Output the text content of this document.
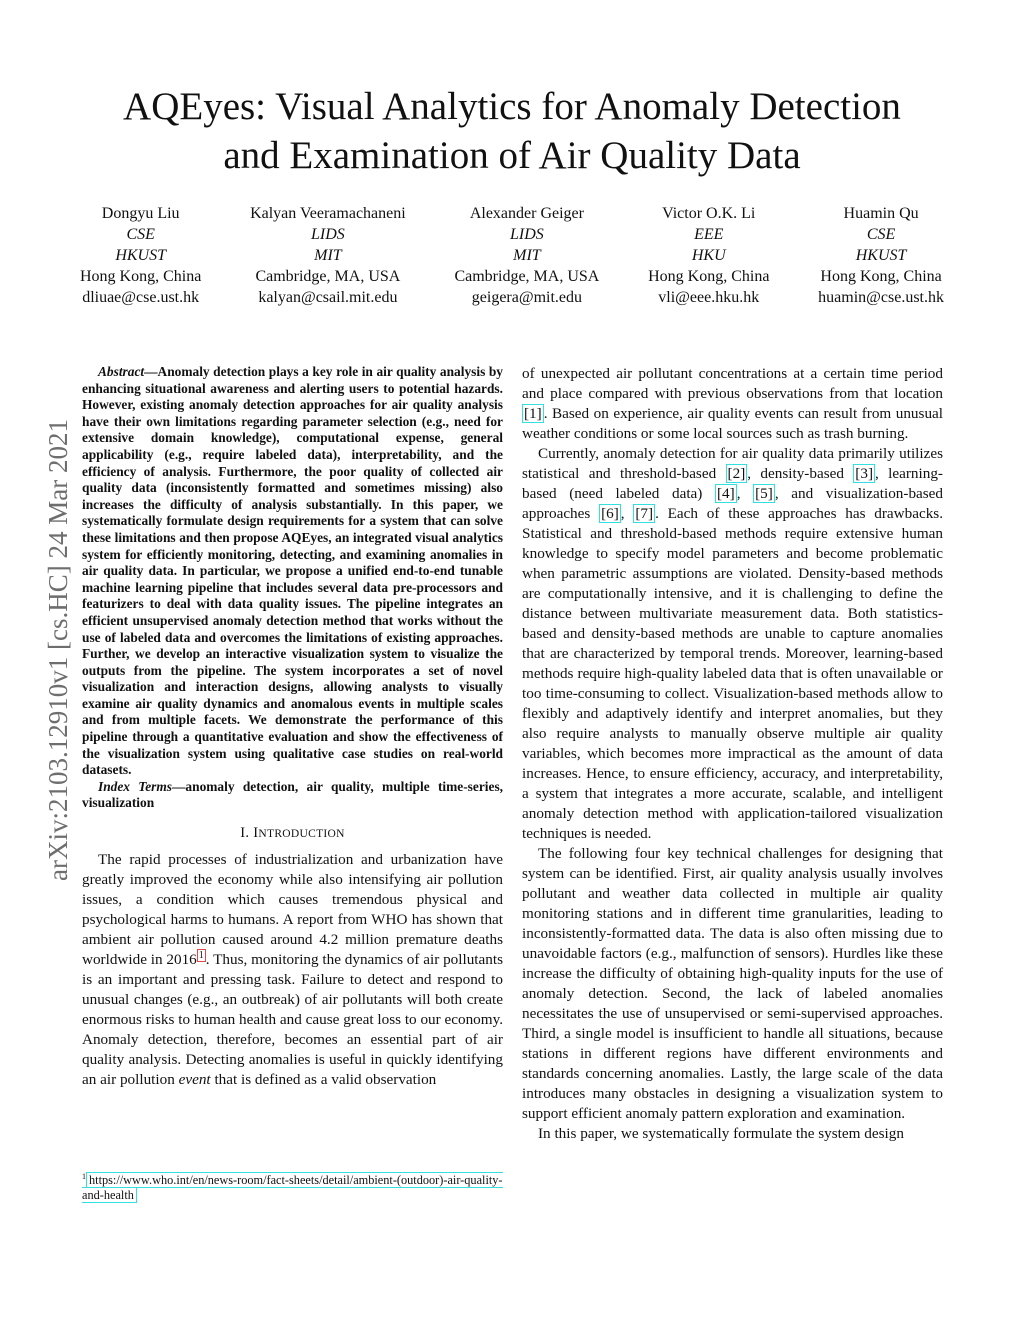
AQEyes: Visual Analytics for Anomaly Detection
and Examination of Air Quality Data
Dongyu Liu
CSE
HKUST
Hong Kong, China
dliuae@cse.ust.hk
Kalyan Veeramachaneni
LIDS
MIT
Cambridge, MA, USA
kalyan@csail.mit.edu
Alexander Geiger
LIDS
MIT
Cambridge, MA, USA
geigera@mit.edu
Victor O.K. Li
EEE
HKU
Hong Kong, China
vli@eee.hku.hk
Huamin Qu
CSE
HKUST
Hong Kong, China
huamin@cse.ust.hk
arXiv:2103.12910v1 [cs.HC] 24 Mar 2021

Abstract—Anomaly detection plays a key role in air quality analysis by enhancing situational awareness and alerting users to potential hazards. However, existing anomaly detection approaches for air quality analysis have their own limitations regarding parameter selection (e.g., need for extensive domain knowledge), computational expense, general applicability (e.g., require labeled data), interpretability, and the efficiency of analysis. Furthermore, the poor quality of collected air quality data (inconsistently formatted and sometimes missing) also increases the difficulty of analysis substantially. In this paper, we systematically formulate design requirements for a system that can solve these limitations and then propose AQEyes, an integrated visual analytics system for efficiently monitoring, detecting, and examining anomalies in air quality data. In particular, we propose a unified end-to-end tunable machine learning pipeline that includes several data pre-processors and featurizers to deal with data quality issues. The pipeline integrates an efficient unsupervised anomaly detection method that works without the use of labeled data and overcomes the limitations of existing approaches. Further, we develop an interactive visualization system to visualize the outputs from the pipeline. The system incorporates a set of novel visualization and interaction designs, allowing analysts to visually examine air quality dynamics and anomalous events in multiple scales and from multiple facets. We demonstrate the performance of this pipeline through a quantitative evaluation and show the effectiveness of the visualization system using qualitative case studies on real-world datasets.

Index Terms—anomaly detection, air quality, multiple time-series, visualization

I. INTRODUCTION

The rapid processes of industrialization and urbanization have greatly improved the economy while also intensifying air pollution issues, a condition which causes tremendous physical and psychological harms to humans. A report from WHO has shown that ambient air pollution caused around 4.2 million premature deaths worldwide in 2016 $^1$ . Thus, monitoring the dynamics of air pollutants is an important and pressing task. Failure to detect and respond to unusual changes (e.g., an outbreak) of air pollutants will both create enormous risks to human health and cause great loss to our economy. Anomaly detection, therefore, becomes an essential part of air quality analysis. Detecting anomalies is useful in quickly identifying an air pollution event that is defined as a valid observation

of unexpected air pollutant concentrations at a certain time period and place compared with previous observations from that location [1] . Based on experience, air quality events can result from unusual weather conditions or some local sources such as trash burning.

Currently, anomaly detection for air quality data primarily utilizes statistical and threshold-based [2] , density-based [3] , learning-based (need labeled data) [4] , [5] , and visualization-based approaches [6] , [7] . Each of these approaches has drawbacks. Statistical and threshold-based methods require extensive human knowledge to specify model parameters and become problematic when parametric assumptions are violated. Density-based methods are computationally intensive, and it is challenging to define the distance between multivariate measurement data. Both statistics-based and density-based methods are unable to capture anomalies that are characterized by temporal trends. Moreover, learning-based methods require high-quality labeled data that is often unavailable or too time-consuming to collect. Visualization-based methods allow to flexibly and adaptively identify and interpret anomalies, but they also require analysts to manually observe multiple air quality variables, which becomes more impractical as the amount of data increases. Hence, to ensure efficiency, accuracy, and interpretability, a system that integrates a more accurate, scalable, and intelligent anomaly detection method with application-tailored visualization techniques is needed.

The following four key technical challenges for designing that system can be identified. First, air quality analysis usually involves pollutant and weather data collected in multiple air quality monitoring stations and in different time granularities, leading to inconsistently-formatted data. The data is also often missing due to unavoidable factors (e.g., malfunction of sensors). Hurdles like these increase the difficulty of obtaining high-quality inputs for the use of anomaly detection. Second, the lack of labeled anomalies necessitates the use of unsupervised or semi-supervised approaches. Third, a single model is insufficient to handle all situations, because stations in different regions have different environments and standards concerning anomalies. Lastly, the large scale of the data introduces many obstacles in designing a visualization system to support efficient anomaly pattern exploration and examination.

In this paper, we systematically formulate the system design

$^1$ https://www.who.int/en/news-room/fact-sheets/detail/ambient-(outdoor)-air-quality-and-health
